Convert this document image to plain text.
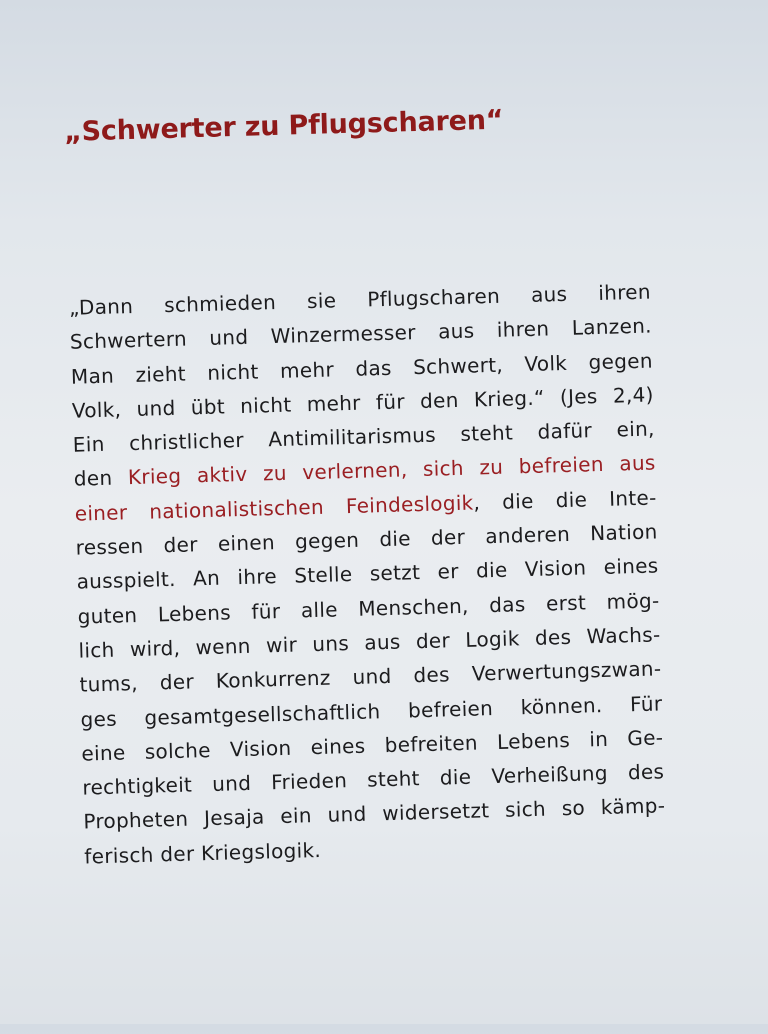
„Schwerter zu Pflugscharen“
„Dann schmieden sie Pflugscharen aus ihren
Schwertern und Winzermesser aus ihren Lanzen.
Man zieht nicht mehr das Schwert, Volk gegen
Volk, und übt nicht mehr für den Krieg.“ (Jes 2,4)
Ein christlicher Antimilitarismus steht dafür ein,
den Krieg aktiv zu verlernen, sich zu befreien aus
einer nationalistischen Feindeslogik, die die Inte-
ressen der einen gegen die der anderen Nation
ausspielt. An ihre Stelle setzt er die Vision eines
guten Lebens für alle Menschen, das erst mög-
lich wird, wenn wir uns aus der Logik des Wachs-
tums, der Konkurrenz und des Verwertungszwan-
ges gesamtgesellschaftlich befreien können. Für
eine solche Vision eines befreiten Lebens in Ge-
rechtigkeit und Frieden steht die Verheißung des
Propheten Jesaja ein und widersetzt sich so kämp-
ferisch der Kriegslogik.
